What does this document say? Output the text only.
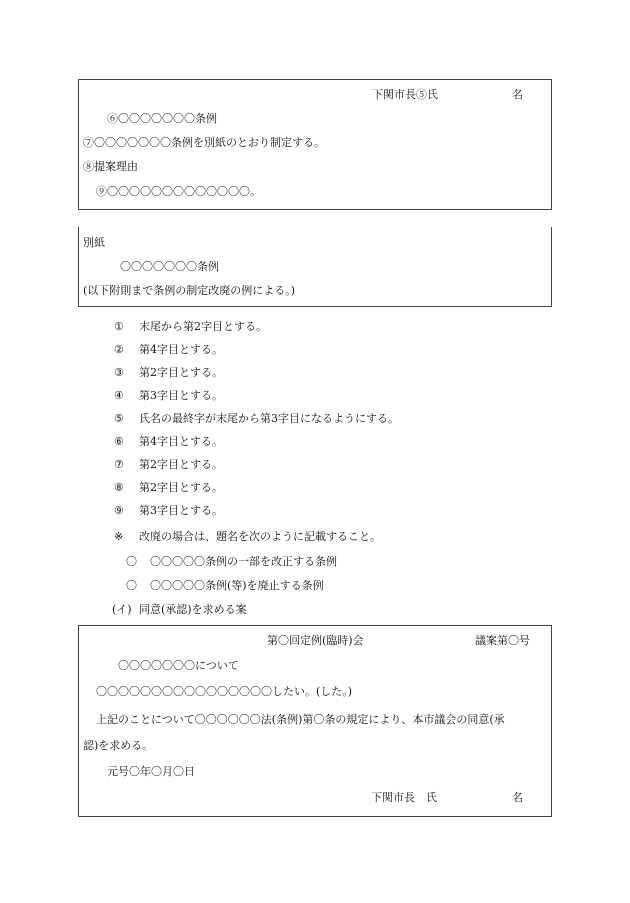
下関市長⑤氏	名
⑥〇〇〇〇〇〇〇条例
⑦〇〇〇〇〇〇〇条例を別紙のとおり制定する。
⑧提案理由
⑨〇〇〇〇〇〇〇〇〇〇〇〇〇。
別紙
〇〇〇〇〇〇〇条例
(以下附則まで条例の制定改廃の例による。)
① 末尾から第2字目とする。
② 第4字目とする。
③ 第2字目とする。
④ 第3字目とする。
⑤ 氏名の最終字が末尾から第3字目になるようにする。
⑥ 第4字目とする。
⑦ 第2字目とする。
⑧ 第2字目とする。
⑨ 第3字目とする。
※ 改廃の場合は、題名を次のように記載すること。
〇 〇〇〇〇〇条例の一部を改正する条例
〇 〇〇〇〇〇条例(等)を廃止する条例
(イ) 同意(承認)を求める案
第〇回定例(臨時)会	議案第〇号
〇〇〇〇〇〇〇について
〇〇〇〇〇〇〇〇〇〇〇〇〇〇〇〇したい。(した。)
上記のことについて〇〇〇〇〇〇法(条例)第〇条の規定により、本市議会の同意(承
認)を求める。
元号〇年〇月〇日
下関市長　氏	名
